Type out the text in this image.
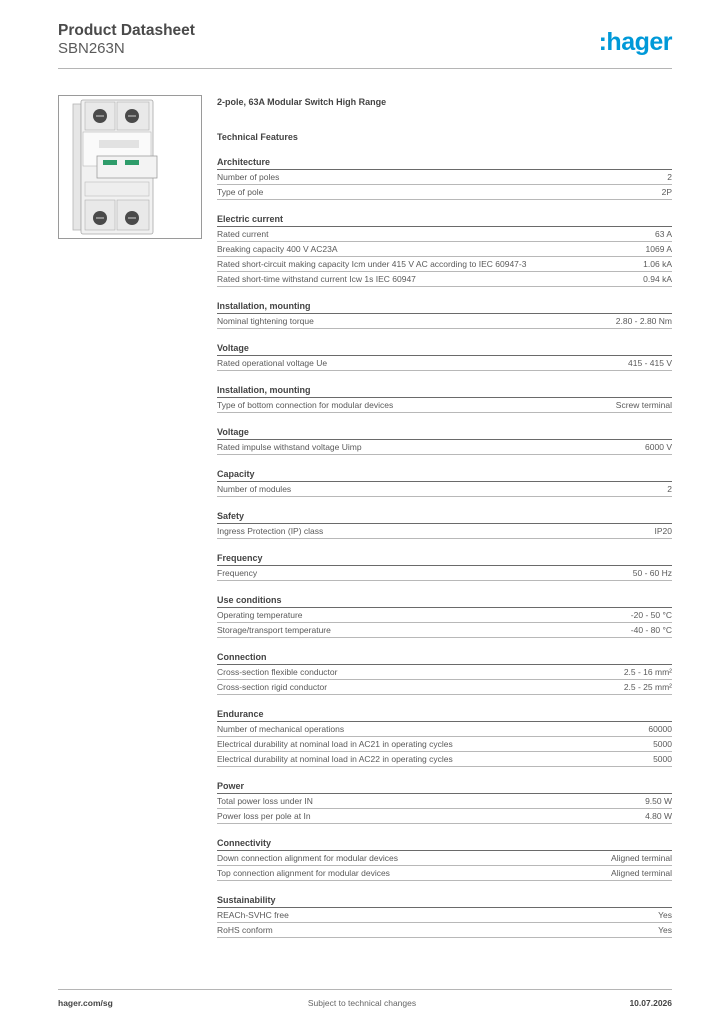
Product Datasheet
SBN263N	:hager
2-pole, 63A Modular Switch High Range
Technical Features
Architecture
Number of poles	2
Type of pole	2P
Electric current
Rated current	63 A
Breaking capacity 400 V AC23A	1069 A
Rated short-circuit making capacity Icm under 415 V AC according to IEC 60947-3	1.06 kA
Rated short-time withstand current Icw 1s IEC 60947	0.94 kA
Installation, mounting
Nominal tightening torque	2.80 - 2.80 Nm
Voltage
Rated operational voltage Ue	415 - 415 V
Installation, mounting
Type of bottom connection for modular devices	Screw terminal
Voltage
Rated impulse withstand voltage Uimp	6000 V
Capacity
Number of modules	2
Safety
Ingress Protection (IP) class	IP20
Frequency
Frequency	50 - 60 Hz
Use conditions
Operating temperature	-20 - 50 °C
Storage/transport temperature	-40 - 80 °C
Connection
Cross-section flexible conductor	2.5 - 16 mm²
Cross-section rigid conductor	2.5 - 25 mm²
Endurance
Number of mechanical operations	60000
Electrical durability at nominal load in AC21 in operating cycles	5000
Electrical durability at nominal load in AC22 in operating cycles	5000
Power
Total power loss under IN	9.50 W
Power loss per pole at In	4.80 W
Connectivity
Down connection alignment for modular devices	Aligned terminal
Top connection alignment for modular devices	Aligned terminal
Sustainability
REACh-SVHC free	Yes
RoHS conform	Yes
hager.com/sg	Subject to technical changes	10.07.2026
